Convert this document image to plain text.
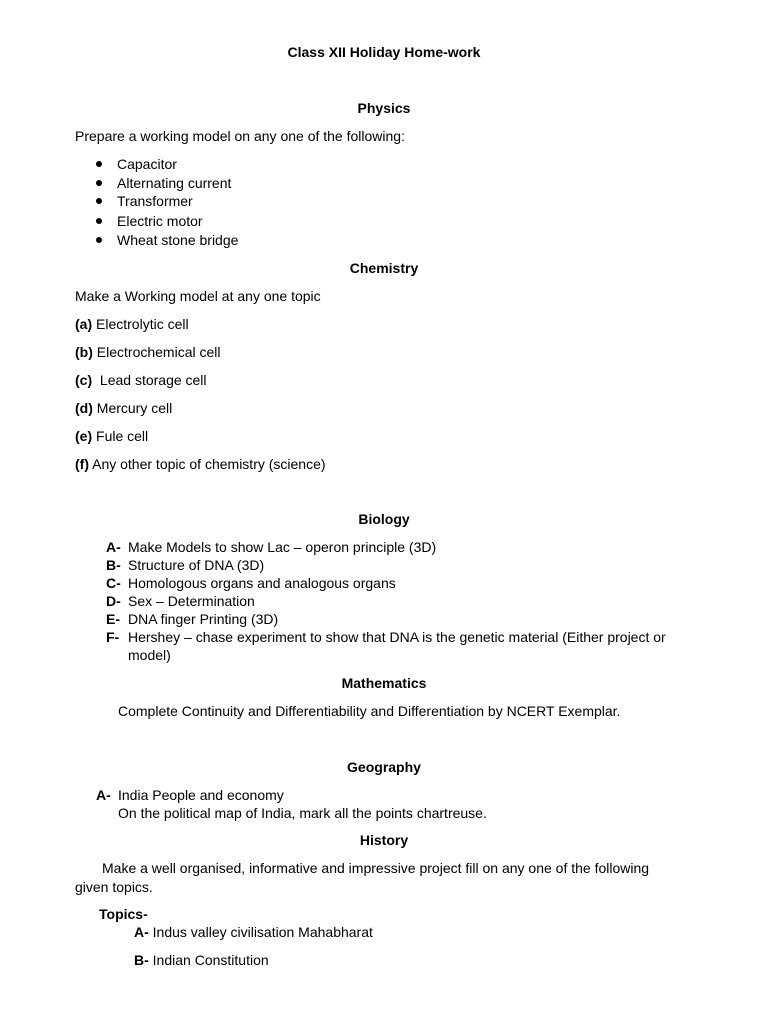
Class XII Holiday Home-work
Physics
Prepare a working model on any one of the following:
Capacitor
Alternating current
Transformer
Electric motor
Wheat stone bridge
Chemistry
Make a Working model at any one topic
(a) Electrolytic cell
(b) Electrochemical cell
(c)  Lead storage cell
(d) Mercury cell
(e) Fule cell
(f) Any other topic of chemistry (science)
Biology
A- Make Models to show Lac – operon principle (3D)
B- Structure of DNA (3D)
C- Homologous organs and analogous organs
D- Sex – Determination
E- DNA finger Printing (3D)
F- Hershey – chase experiment to show that DNA is the genetic material (Either project or
model)
Mathematics
Complete Continuity and Differentiability and Differentiation by NCERT Exemplar.
Geography
A- India People and economy
On the political map of India, mark all the points chartreuse.
History
Make a well organised, informative and impressive project fill on any one of the following
given topics.
Topics-
A- Indus valley civilisation Mahabharat
B- Indian Constitution
